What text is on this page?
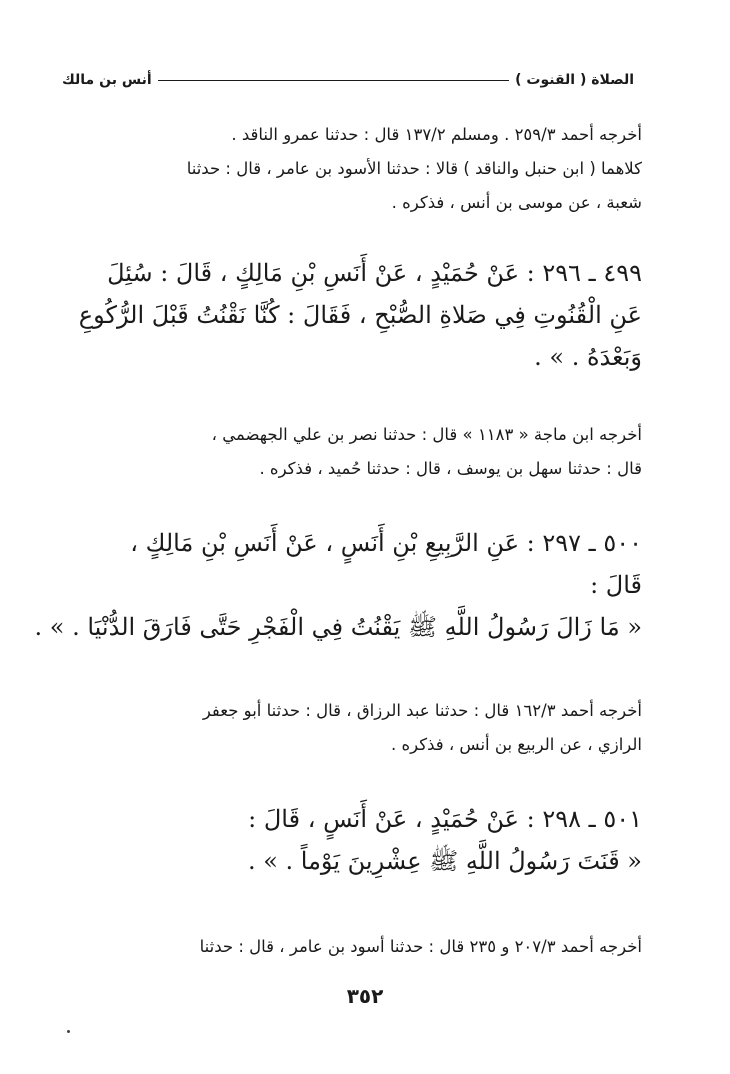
الصلاة ( القنوت )
أنس بن مالك
أخرجه أحمد ٢٥٩/٣ . ومسلم ١٣٧/٢ قال : حدثنا عمرو الناقد .
كلاهما ( ابن حنبل والناقد ) قالا : حدثنا الأسود بن عامر ، قال : حدثنا
شعبة ، عن موسى بن أنس ، فذكره .
٤٩٩ ـ ٢٩٦ : عَنْ حُمَيْدٍ ، عَنْ أَنَسِ بْنِ مَالِكٍ ، قَالَ : سُئِلَ
عَنِ الْقُنُوتِ فِي صَلاةِ الصُّبْحِ ، فَقَالَ : كُنَّا نَقْنُتُ قَبْلَ الرُّكُوعِ
وَبَعْدَهُ . » .
أخرجه ابن ماجة « ١١٨٣ » قال : حدثنا نصر بن علي الجهضمي ،
قال : حدثنا سهل بن يوسف ، قال : حدثنا حُميد ، فذكره .
٥٠٠ ـ ٢٩٧ : عَنِ الرَّبِيعِ بْنِ أَنَسٍ ، عَنْ أَنَسِ بْنِ مَالِكٍ ،
قَالَ :
« مَا زَالَ رَسُولُ اللَّهِ ﷺ يَقْنُتُ فِي الْفَجْرِ حَتَّى فَارَقَ الدُّنْيَا . » .
أخرجه أحمد ١٦٢/٣ قال : حدثنا عبد الرزاق ، قال : حدثنا أبو جعفر
الرازي ، عن الربيع بن أنس ، فذكره .
٥٠١ ـ ٢٩٨ : عَنْ حُمَيْدٍ ، عَنْ أَنَسٍ ، قَالَ :
« قَنَتَ رَسُولُ اللَّهِ ﷺ عِشْرِينَ يَوْماً . » .
أخرجه أحمد ٢٠٧/٣ و ٢٣٥ قال : حدثنا أسود بن عامر ، قال : حدثنا
٣٥٢
